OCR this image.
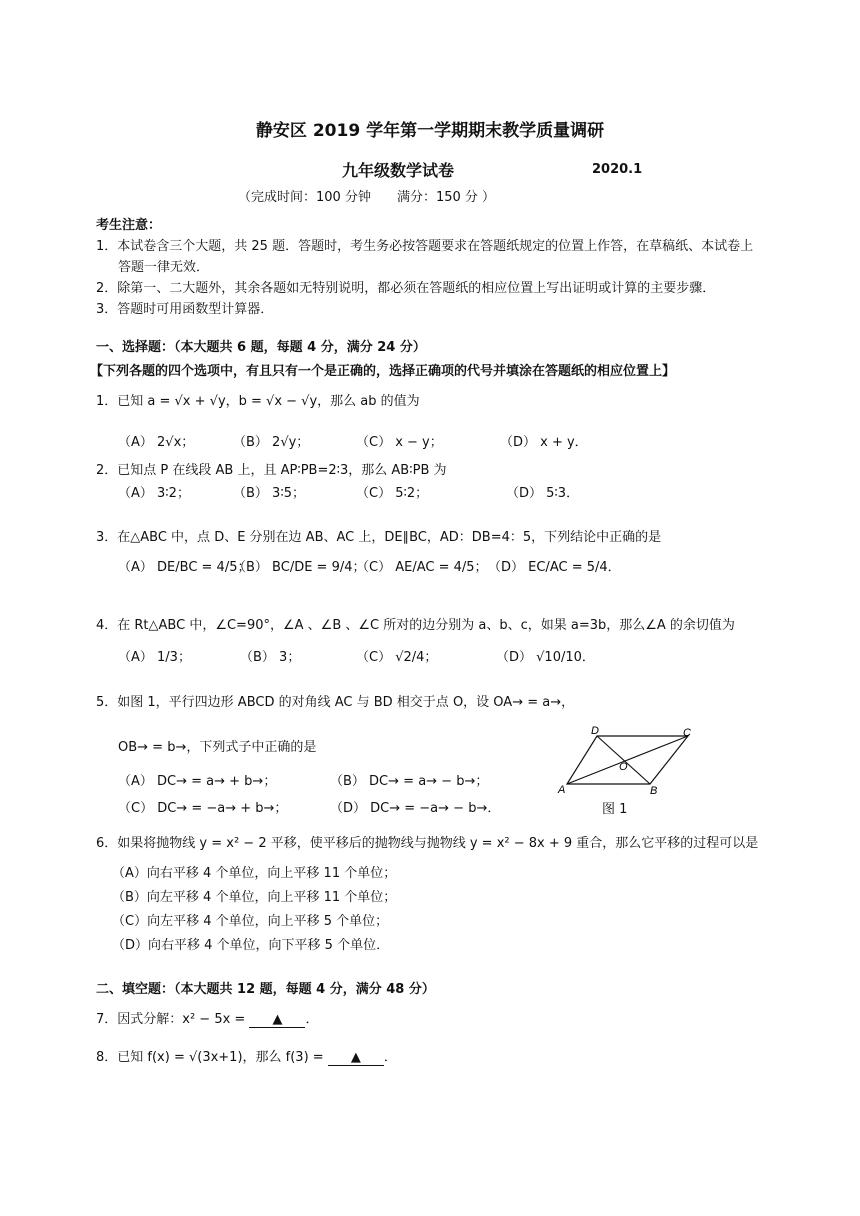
静安区 2019 学年第一学期期末教学质量调研
九年级数学试卷	2020.1
（完成时间：100 分钟　　满分：150 分 ）
考生注意：
1．本试卷含三个大题，共 25 题．答题时，考生务必按答题要求在答题纸规定的位置上作答，在草稿纸、本试卷上
答题一律无效．
2．除第一、二大题外，其余各题如无特别说明，都必须在答题纸的相应位置上写出证明或计算的主要步骤．
3．答题时可用函数型计算器．
一、选择题：（本大题共 6 题，每题 4 分，满分 24 分）
【下列各题的四个选项中，有且只有一个是正确的，选择正确项的代号并填涂在答题纸的相应位置上】
1．已知 a = √x + √y，b = √x − √y，那么 ab 的值为
（A） 2√x；	（B） 2√y；	（C） x − y；	（D） x + y．
2．已知点 P 在线段 AB 上，且 AP∶PB=2∶3，那么 AB∶PB 为
（A） 3∶2；	（B） 3∶5；	（C） 5∶2；	（D） 5∶3．
3．在△ABC 中，点 D、E 分别在边 AB、AC 上，DE∥BC，AD：DB=4：5，下列结论中正确的是
（A） DE/BC = 4/5；
（B） BC/DE = 9/4；
（C） AE/AC = 4/5； （D） EC/AC = 5/4．
4．在 Rt△ABC 中，∠C=90°，∠A 、∠B 、∠C 所对的边分别为 a、b、c，如果 a=3b，那么∠A 的余切值为
（A） 1/3；	（B） 3；	（C） √2/4；	（D） √10/10．
5．如图 1，平行四边形 ABCD 的对角线 AC 与 BD 相交于点 O，设 OA→ = a→，
OB→ = b→，下列式子中正确的是
（A） DC→ = a→ + b→；	（B） DC→ = a→ − b→；
（C） DC→ = −a→ + b→；	（D） DC→ = −a→ − b→．
A	B
C
D
O
图 1
6．如果将抛物线 y = x² − 2 平移，使平移后的抛物线与抛物线 y = x² − 8x + 9 重合，那么它平移的过程可以是
（A）向右平移 4 个单位，向上平移 11 个单位；
（B）向左平移 4 个单位，向上平移 11 个单位；
（C）向左平移 4 个单位，向上平移 5 个单位；
（D）向右平移 4 个单位，向下平移 5 个单位．
二、填空题：（本大题共 12 题，每题 4 分，满分 48 分）
7．因式分解：x² − 5x = ▲ ．
8．已知 f(x) = √(3x+1)，那么 f(3) = ▲ ．
